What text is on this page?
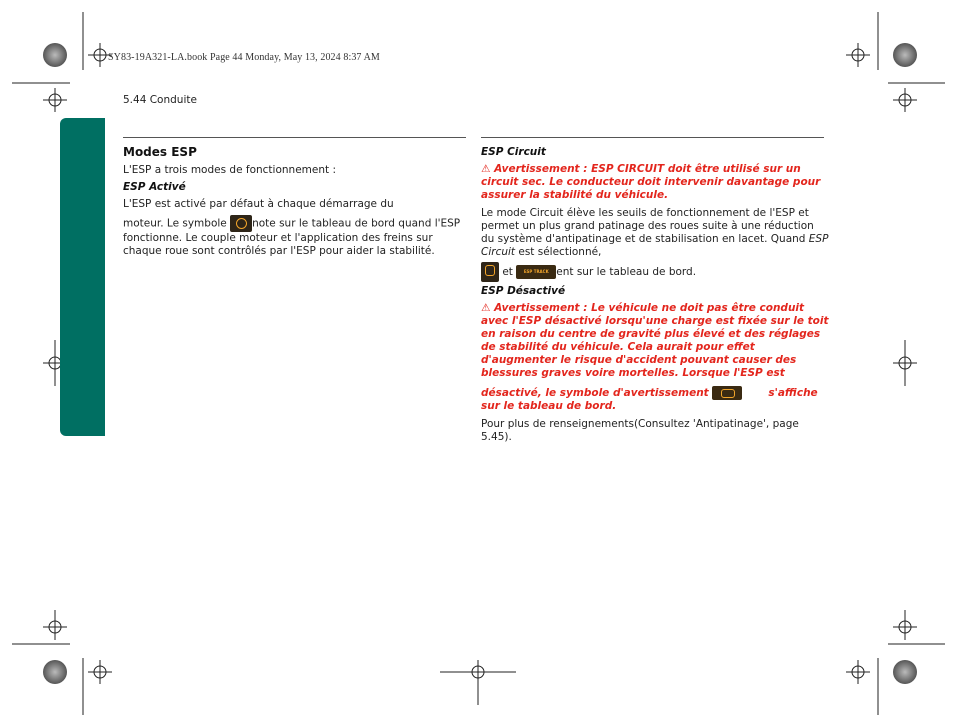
SY83-19A321-LA.book Page 44 Monday, May 13, 2024 8:37 AM
5.44 Conduite

Modes ESP

L'ESP a trois modes de fonctionnement :

ESP Activé

L'ESP est activé par défaut à chaque démarrage du

moteur. Le symbole note sur le tableau de bord quand l'ESP fonctionne. Le couple moteur et l'application des freins sur chaque roue sont contrôlés par l'ESP pour aider la stabilité.

ESP Circuit

⚠ Avertissement : ESP CIRCUIT doit être utilisé sur un circuit sec. Le conducteur doit intervenir davantage pour assurer la stabilité du véhicule.

Le mode Circuit élève les seuils de fonctionnement de l'ESP et permet un plus grand patinage des roues suite à une réduction du système d'antipatinage et de stabilisation en lacet. Quand ESP Circuit est sélectionné,

et ESP TRACK ent sur le tableau de bord.

ESP Désactivé

⚠ Avertissement : Le véhicule ne doit pas être conduit avec l'ESP désactivé lorsqu'une charge est fixée sur le toit en raison du centre de gravité plus élevé et des réglages de stabilité du véhicule. Cela aurait pour effet d'augmenter le risque d'accident pouvant causer des blessures graves voire mortelles. Lorsque l'ESP est

désactivé, le symbole d'avertissement	s'affiche sur le tableau de bord.

Pour plus de renseignements(Consultez 'Antipatinage', page 5.45).
